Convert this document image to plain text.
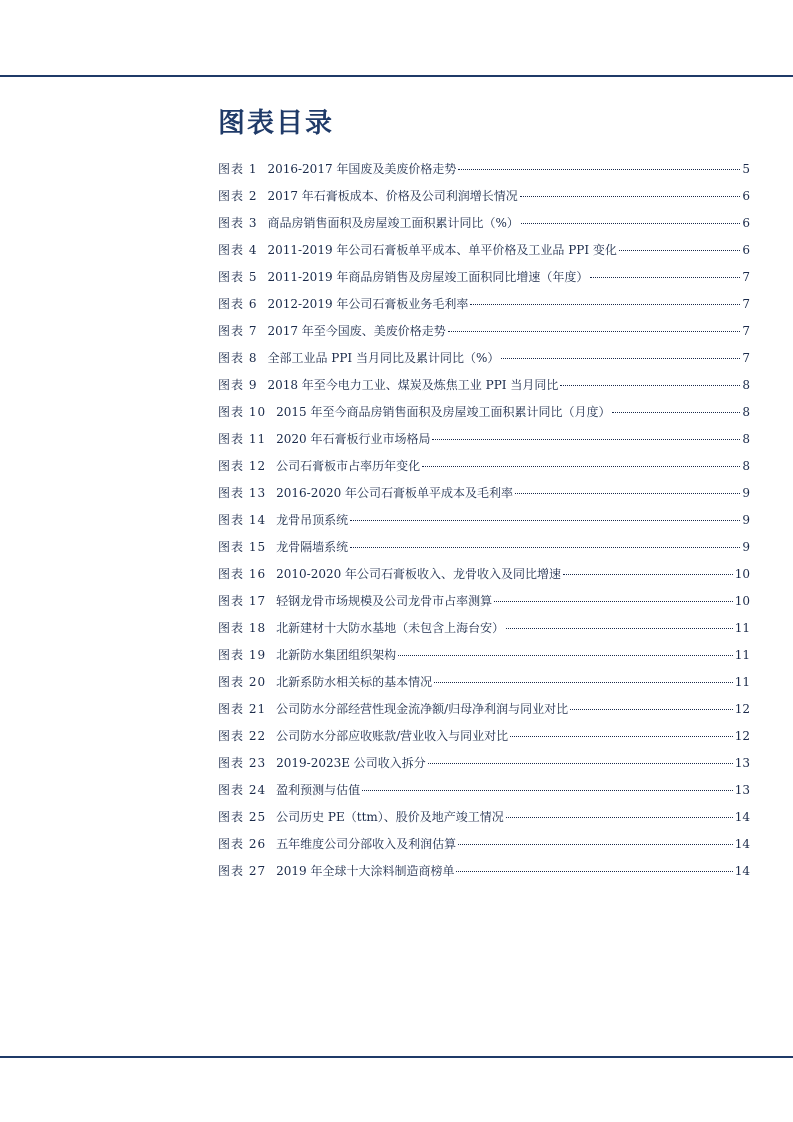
图表目录
图表 1 2016-2017 年国废及美废价格走势	5
图表 2 2017 年石膏板成本、价格及公司利润增长情况	6
图表 3 商品房销售面积及房屋竣工面积累计同比（%）	6
图表 4 2011-2019 年公司石膏板单平成本、单平价格及工业品 PPI 变化	6
图表 5 2011-2019 年商品房销售及房屋竣工面积同比增速（年度）	7
图表 6 2012-2019 年公司石膏板业务毛利率	7
图表 7 2017 年至今国废、美废价格走势	7
图表 8 全部工业品 PPI 当月同比及累计同比（%）	7
图表 9 2018 年至今电力工业、煤炭及炼焦工业 PPI 当月同比	8
图表 10 2015 年至今商品房销售面积及房屋竣工面积累计同比（月度）	8
图表 11 2020 年石膏板行业市场格局	8
图表 12 公司石膏板市占率历年变化	8
图表 13 2016-2020 年公司石膏板单平成本及毛利率	9
图表 14 龙骨吊顶系统	9
图表 15 龙骨隔墙系统	9
图表 16 2010-2020 年公司石膏板收入、龙骨收入及同比增速	10
图表 17 轻钢龙骨市场规模及公司龙骨市占率测算	10
图表 18 北新建材十大防水基地（未包含上海台安）	11
图表 19 北新防水集团组织架构	11
图表 20 北新系防水相关标的基本情况	11
图表 21 公司防水分部经营性现金流净额/归母净利润与同业对比	12
图表 22 公司防水分部应收账款/营业收入与同业对比	12
图表 23 2019-2023E 公司收入拆分	13
图表 24 盈利预测与估值	13
图表 25 公司历史 PE（ttm）、股价及地产竣工情况	14
图表 26 五年维度公司分部收入及利润估算	14
图表 27 2019 年全球十大涂料制造商榜单	14
